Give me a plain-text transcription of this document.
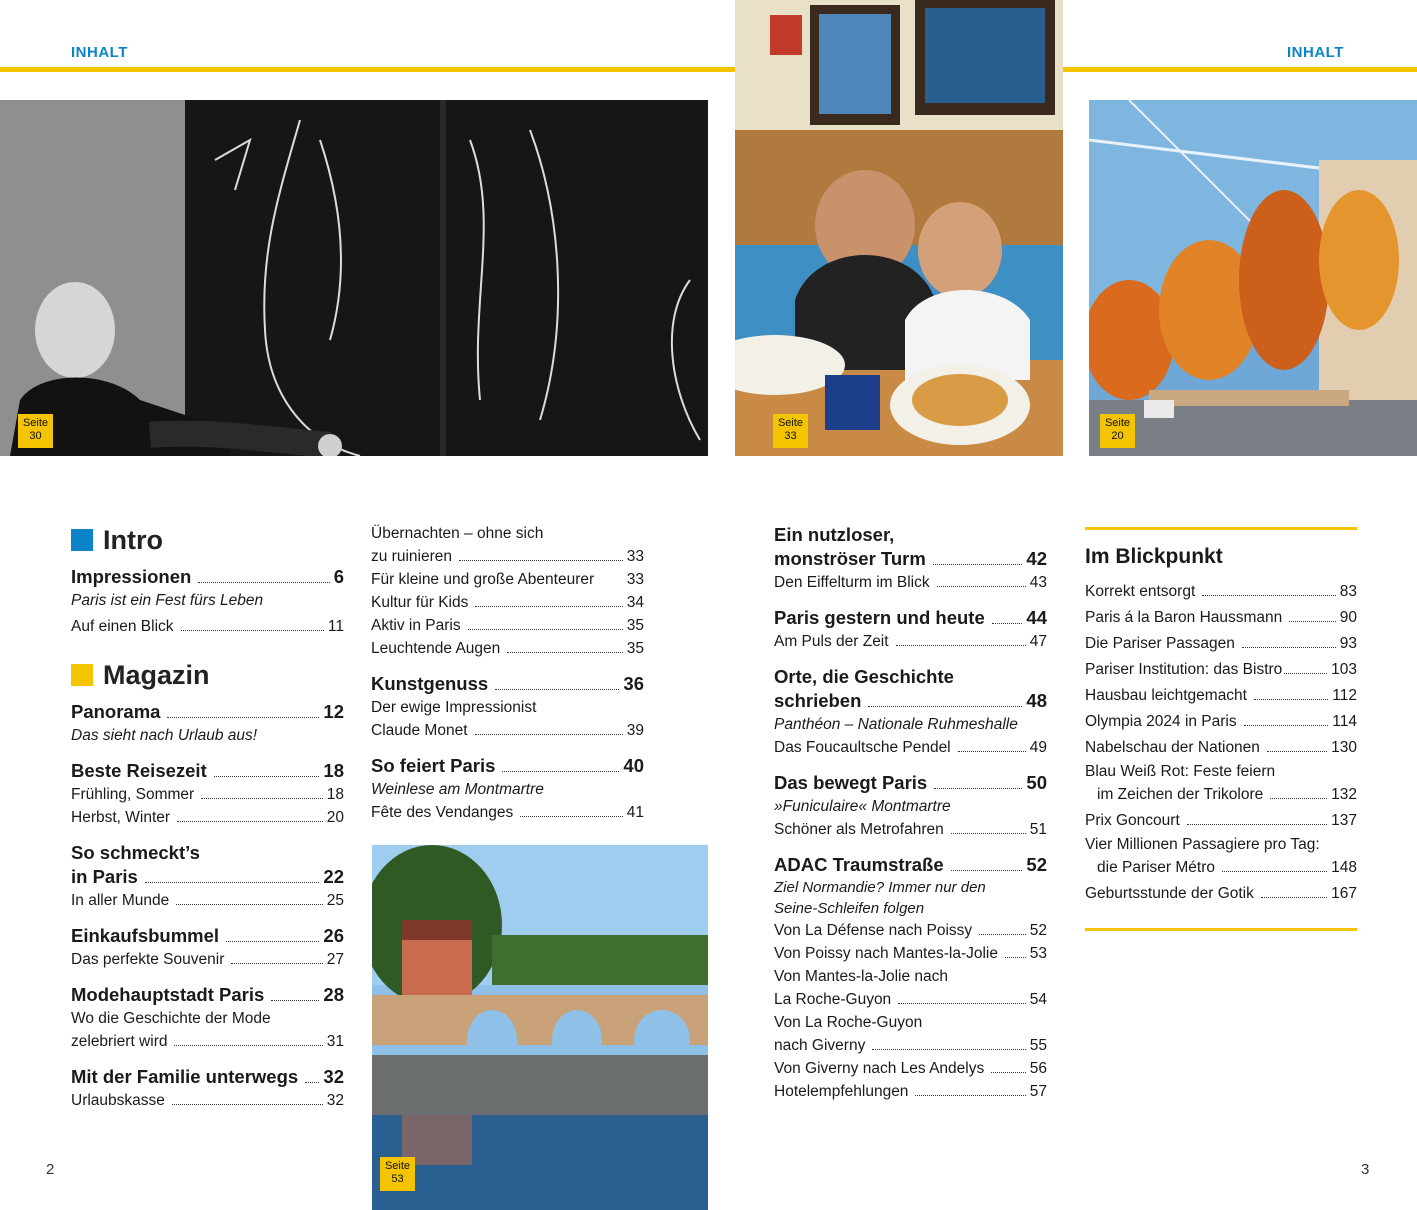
INHALT	INHALT
Seite
30
Seite
33
Seite
20
Seite
53
Intro
Impressionen	6
Paris ist ein Fest fürs Leben
Auf einen Blick	11
Magazin
Panorama	12
Das sieht nach Urlaub aus!
Beste Reisezeit	18
Frühling, Sommer	18
Herbst, Winter	20
So schmeckt’s
in Paris	22
In aller Munde	25
Einkaufsbummel	26
Das perfekte Souvenir	27
Modehauptstadt Paris	28
Wo die Geschichte der Mode
zelebriert wird	31
Mit der Familie unterwegs 32
Urlaubskasse	32
Übernachten – ohne sich
zu ruinieren	33
Für kleine und große Abenteurer 33
Kultur für Kids	34
Aktiv in Paris	35
Leuchtende Augen	35
Kunstgenuss	36
Der ewige Impressionist
Claude Monet	39
So feiert Paris	40
Weinlese am Montmartre
Fête des Vendanges	41
Ein nutzloser,
monströser Turm	42
Den Eiffelturm im Blick	43
Paris gestern und heute 44
Am Puls der Zeit	47
Orte, die Geschichte
schrieben	48
Panthéon – Nationale Ruhmeshalle
Das Foucaultsche Pendel	49
Das bewegt Paris	50
»Funiculaire« Montmartre
Schöner als Metrofahren	51
ADAC Traumstraße	52
Ziel Normandie? Immer nur den
Seine-Schleifen folgen
Von La Défense nach Poissy	52
Von Poissy nach Mantes-la-Jolie 53
Von Mantes-la-Jolie nach
La Roche-Guyon	54
Von La Roche-Guyon
nach Giverny	55
Von Giverny nach Les Andelys	56
Hotelempfehlungen	57
Im Blickpunkt
Korrekt entsorgt	83
Paris á la Baron Haussmann	90
Die Pariser Passagen	93
Pariser Institution: das Bistro	103
Hausbau leichtgemacht	112
Olympia 2024 in Paris	114
Nabelschau der Nationen	130
Blau Weiß Rot: Feste feiern
im Zeichen der Trikolore	132
Prix Goncourt	137
Vier Millionen Passagiere pro Tag:
die Pariser Métro	148
Geburtsstunde der Gotik	167
2	3
